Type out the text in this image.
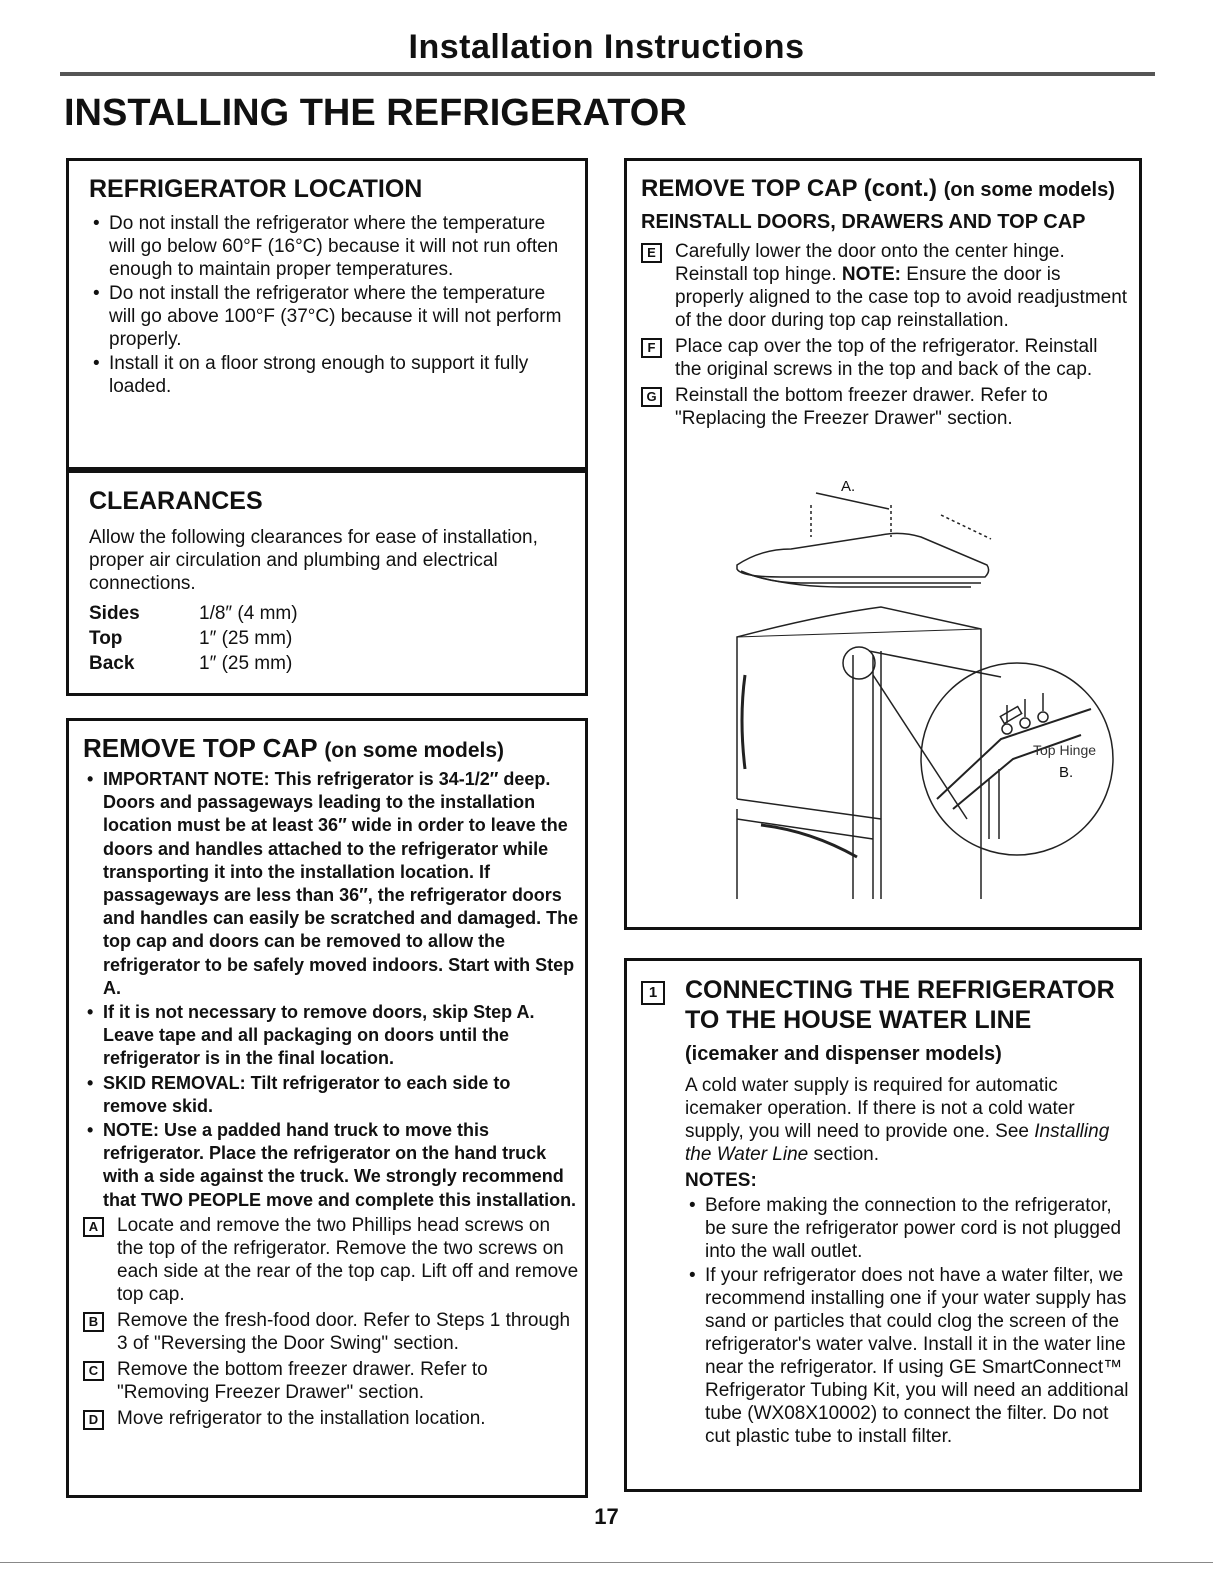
Installation Instructions
INSTALLING THE REFRIGERATOR
REFRIGERATOR LOCATION
• Do not install the refrigerator where the temperature will go below 60°F (16°C) because it will not run often enough to maintain proper temperatures.
• Do not install the refrigerator where the temperature will go above 100°F (37°C) because it will not perform properly.
• Install it on a floor strong enough to support it fully loaded.
CLEARANCES
Allow the following clearances for ease of installation, proper air circulation and plumbing and electrical connections.
Sides	1/8″ (4 mm)
Top	1″ (25 mm)
Back	1″ (25 mm)
REMOVE TOP CAP (on some models)
• IMPORTANT NOTE: This refrigerator is 34-1/2″ deep. Doors and passageways leading to the installation location must be at least 36″ wide in order to leave the doors and handles attached to the refrigerator while transporting it into the installation location. If passageways are less than 36″, the refrigerator doors and handles can easily be scratched and damaged. The top cap and doors can be removed to allow the refrigerator to be safely moved indoors. Start with Step A.
• If it is not necessary to remove doors, skip Step A. Leave tape and all packaging on doors until the refrigerator is in the final location.
• SKID REMOVAL: Tilt refrigerator to each side to remove skid.
• NOTE: Use a padded hand truck to move this refrigerator. Place the refrigerator on the hand truck with a side against the truck. We strongly recommend that TWO PEOPLE move and complete this installation.
A Locate and remove the two Phillips head screws on the top of the refrigerator. Remove the two screws on each side at the rear of the top cap. Lift off and remove top cap.
B Remove the fresh-food door. Refer to Steps 1 through 3 of "Reversing the Door Swing" section.
C Remove the bottom freezer drawer. Refer to "Removing Freezer Drawer" section.
D Move refrigerator to the installation location.
REMOVE TOP CAP (cont.) (on some models)
REINSTALL DOORS, DRAWERS AND TOP CAP
E	Carefully lower the door onto the center hinge. Reinstall top hinge. NOTE: Ensure the door is properly aligned to the case top to avoid readjustment of the door during top cap reinstallation.
F	Place cap over the top of the refrigerator. Reinstall the original screws in the top and back of the cap.
G Reinstall the bottom freezer drawer. Refer to "Replacing the Freezer Drawer" section.
A.
Top Hinge
B.
1	CONNECTING THE REFRIGERATOR
TO THE HOUSE WATER LINE
(icemaker and dispenser models)
A cold water supply is required for automatic icemaker operation. If there is not a cold water supply, you will need to provide one. See Installing the Water Line section.
NOTES:
• Before making the connection to the refrigerator, be sure the refrigerator power cord is not plugged into the wall outlet.
• If your refrigerator does not have a water filter, we recommend installing one if your water supply has sand or particles that could clog the screen of the refrigerator's water valve. Install it in the water line near the refrigerator. If using GE SmartConnect™ Refrigerator Tubing Kit, you will need an additional tube (WX08X10002) to connect the filter. Do not cut plastic tube to install filter.
17
